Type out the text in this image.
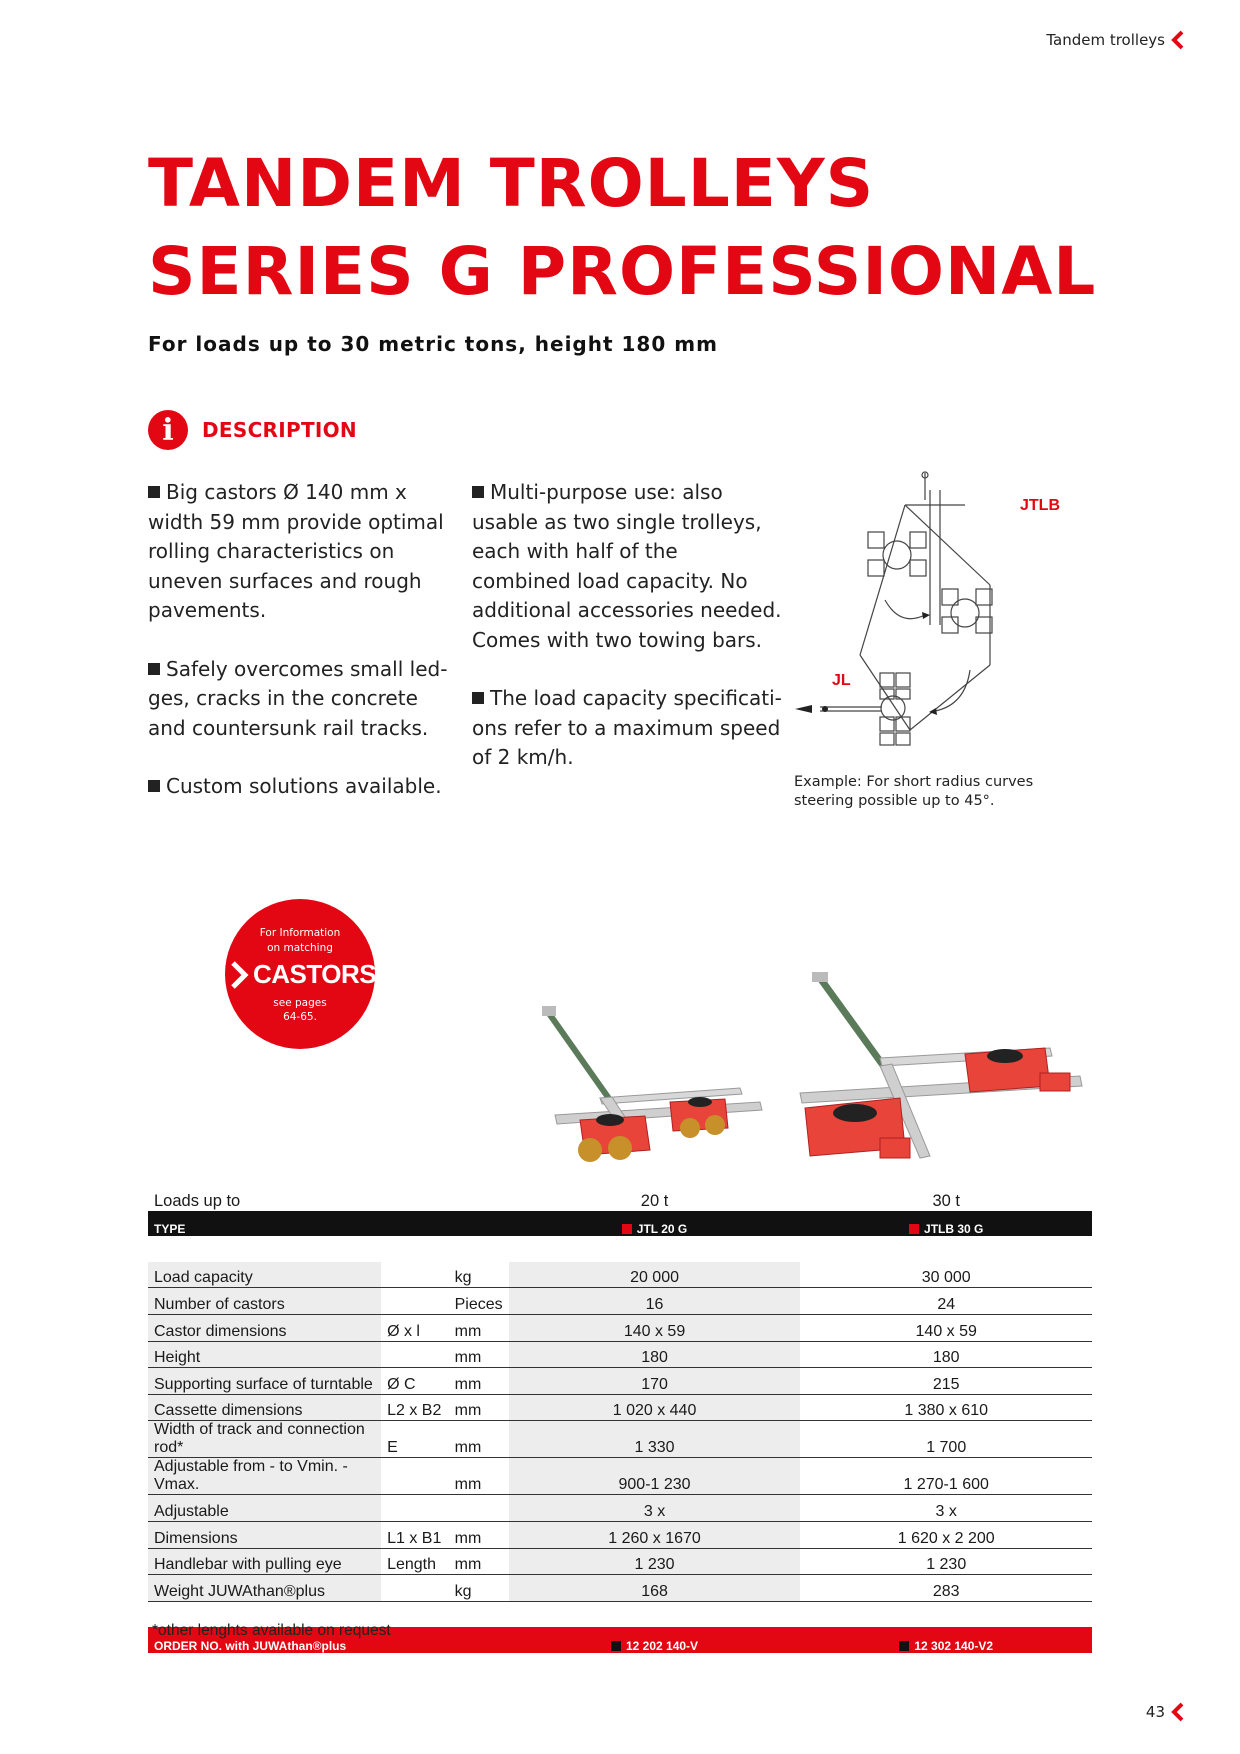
Tandem trolleys
TANDEM TROLLEYS
SERIES G PROFESSIONAL

For loads up to 30 metric tons, height 180 mm

i	DESCRIPTION

Big castors Ø 140 mm x width 59 mm provide optimal rolling characteristics on uneven surfaces and rough pavements.

Safely overcomes small ledges, cracks in the concrete and countersunk rail tracks.

Custom solutions available.

Multi-purpose use: also usable as two single trolleys, each with half of the combined load capacity. No additional accessories needed. Comes with two towing bars.

The load capacity specifications refer to a maximum speed of 2 km/h.

JTLB
JL
Example: For short radius curves steering possible up to 45°.
For Information
on matching
CASTORS
see pages
64-65.
Loads up to			20 t	30 t
TYPE			JTL 20 G	JTLB 30 G

Load capacity		kg	20 000	30 000
Number of castors		Pieces	16	24
Castor dimensions	Ø x l	mm	140 x 59	140 x 59
Height		mm	180	180
Supporting surface of turntable	Ø C	mm	170	215
Cassette dimensions	L2 x B2	mm	1 020 x 440	1 380 x 610
Width of track and connection rod*	E	mm	1 330	1 700
Adjustable from - to Vmin. - Vmax.		mm	900-1 230	1 270-1 600
Adjustable			3 x	3 x
Dimensions	L1 x B1	mm	1 260 x 1670	1 620 x 2 200
Handlebar with pulling eye	Length	mm	1 230	1 230
Weight JUWAthan®plus		kg	168	283

ORDER NO. with JUWAthan®plus			12 202 140-V	12 302 140-V2
*other lenghts available on request
43
